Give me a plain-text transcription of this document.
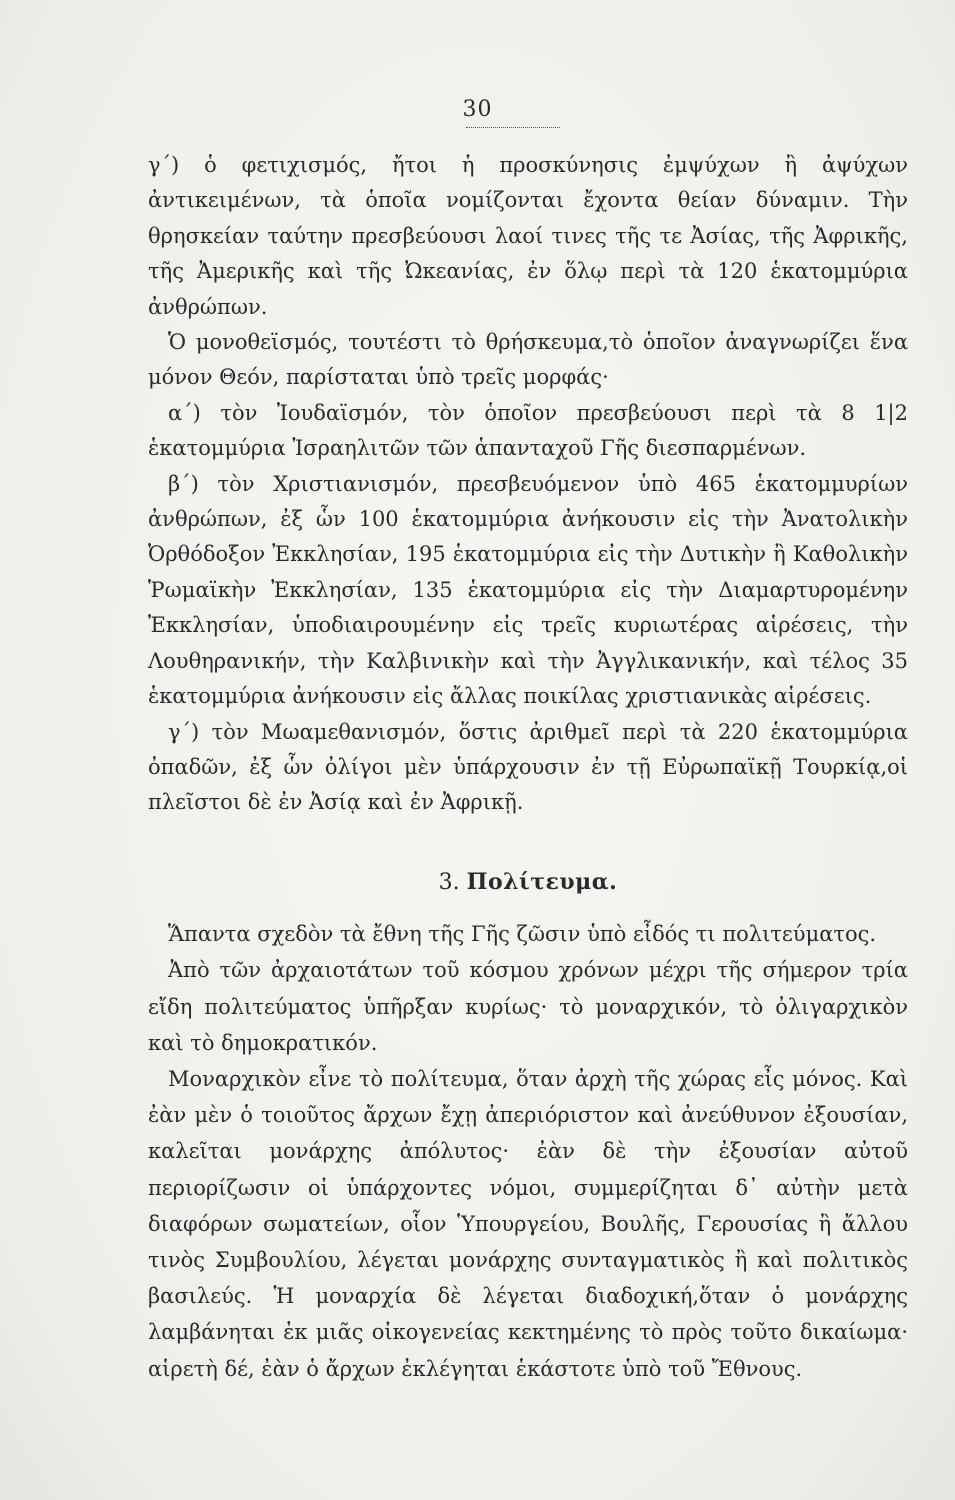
30

γ΄) ὁ φετιχισμός, ἤτοι ἡ προσκύνησις ἐμψύχων ἢ ἀψύχων ἀντικειμένων, τὰ ὁποῖα νομίζονται ἔχοντα θείαν δύναμιν. Τὴν θρησκείαν ταύτην πρεσβεύουσι λαοί τινες τῆς τε Ἀσίας, τῆς Ἀφρικῆς, τῆς Ἀμερικῆς καὶ τῆς Ὠκεανίας, ἐν ὅλῳ περὶ τὰ 120 ἑκατομμύρια ἀνθρώπων.

Ὁ μονοθεϊσμός, τουτέστι τὸ θρήσκευμα,τὸ ὁποῖον ἀναγνωρίζει ἕνα μόνον Θεόν, παρίσταται ὑπὸ τρεῖς μορφάς·

α΄) τὸν Ἰουδαϊσμόν, τὸν ὁποῖον πρεσβεύουσι περὶ τὰ 8 1|2 ἑκατομμύρια Ἰσραηλιτῶν τῶν ἁπανταχοῦ Γῆς διεσπαρμένων.

β΄) τὸν Χριστιανισμόν, πρεσβευόμενον ὑπὸ 465 ἑκατομμυρίων ἀνθρώπων, ἐξ ὧν 100 ἑκατομμύρια ἀνήκουσιν εἰς τὴν Ἀνατολικὴν Ὀρθόδοξον Ἐκκλησίαν, 195 ἑκατομμύρια εἰς τὴν Δυτικὴν ἢ Καθολικὴν Ῥωμαϊκὴν Ἐκκλησίαν, 135 ἑκατομμύρια εἰς τὴν Διαμαρτυρομένην Ἐκκλησίαν, ὑποδιαιρουμένην εἰς τρεῖς κυριωτέρας αἱρέσεις, τὴν Λουθηρανικήν, τὴν Καλβινικὴν καὶ τὴν Ἀγγλικανικήν, καὶ τέλος 35 ἑκατομμύρια ἀνήκουσιν εἰς ἄλλας ποικίλας χριστιανικὰς αἱρέσεις.

γ΄) τὸν Μωαμεθανισμόν, ὅστις ἀριθμεῖ περὶ τὰ 220 ἑκατομμύρια ὀπαδῶν, ἐξ ὧν ὀλίγοι μὲν ὑπάρχουσιν ἐν τῇ Εὐρωπαϊκῇ Τουρκίᾳ,οἱ πλεῖστοι δὲ ἐν Ἀσίᾳ καὶ ἐν Ἀφρικῇ.

3. Πολίτευμα.

Ἅπαντα σχεδὸν τὰ ἔθνη τῆς Γῆς ζῶσιν ὑπὸ εἶδός τι πολιτεύματος.

Ἀπὸ τῶν ἀρχαιοτάτων τοῦ κόσμου χρόνων μέχρι τῆς σήμερον τρία εἴδη πολιτεύματος ὑπῆρξαν κυρίως· τὸ μοναρχικόν, τὸ ὀλιγαρχικὸν καὶ τὸ δημοκρατικόν.

Μοναρχικὸν εἶνε τὸ πολίτευμα, ὅταν ἀρχὴ τῆς χώρας εἶς μόνος. Καὶ ἐὰν μὲν ὁ τοιοῦτος ἄρχων ἔχῃ ἀπεριόριστον καὶ ἀνεύθυνον ἐξουσίαν, καλεῖται μονάρχης ἀπόλυτος· ἐὰν δὲ τὴν ἐξουσίαν αὐτοῦ περιορίζωσιν οἱ ὑπάρχοντες νόμοι, συμμερίζηται δ᾽ αὐτὴν μετὰ διαφόρων σωματείων, οἷον Ὑπουργείου, Βουλῆς, Γερουσίας ἢ ἄλλου τινὸς Συμβουλίου, λέγεται μονάρχης συνταγματικὸς ἢ καὶ πολιτικὸς βασιλεύς. Ἡ μοναρχία δὲ λέγεται διαδοχική,ὅταν ὁ μονάρχης λαμβάνηται ἐκ μιᾶς οἰκογενείας κεκτημένης τὸ πρὸς τοῦτο δικαίωμα· αἱρετὴ δέ, ἐὰν ὁ ἄρχων ἐκλέγηται ἑκάστοτε ὑπὸ τοῦ Ἔθνους.
